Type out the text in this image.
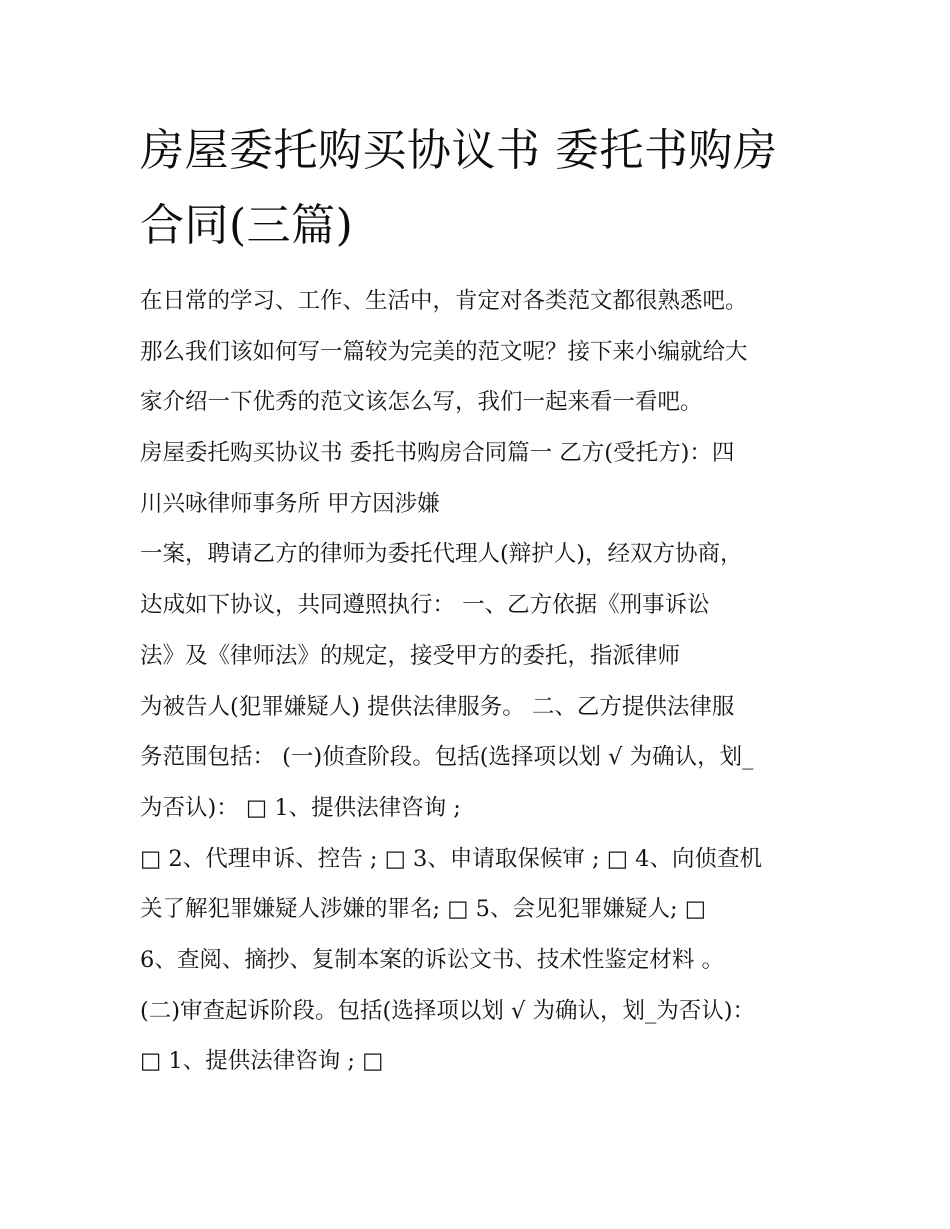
房屋委托购买协议书 委托书购房合同(三篇)
在日常的学习、工作、生活中，肯定对各类范文都很熟悉吧。
那么我们该如何写一篇较为完美的范文呢？接下来小编就给大
家介绍一下优秀的范文该怎么写，我们一起来看一看吧。
房屋委托购买协议书 委托书购房合同篇一 乙方(受托方)：四
川兴咏律师事务所 甲方因涉嫌
一案，聘请乙方的律师为委托代理人(辩护人)，经双方协商，
达成如下协议，共同遵照执行： 一、乙方依据《刑事诉讼
法》及《律师法》的规定，接受甲方的委托，指派律师
为被告人(犯罪嫌疑人) 提供法律服务。 二、乙方提供法律服
务范围包括： (一)侦查阶段。包括(选择项以划 √ 为确认，划_
为否认)： □ 1、提供法律咨询 ;
□ 2、代理申诉、控告 ; □ 3、申请取保候审 ; □ 4、向侦查机
关了解犯罪嫌疑人涉嫌的罪名; □ 5、会见犯罪嫌疑人; □
6、查阅、摘抄、复制本案的诉讼文书、技术性鉴定材料 。
(二)审查起诉阶段。包括(选择项以划 √ 为确认，划_为否认)：
□ 1、提供法律咨询 ; □
